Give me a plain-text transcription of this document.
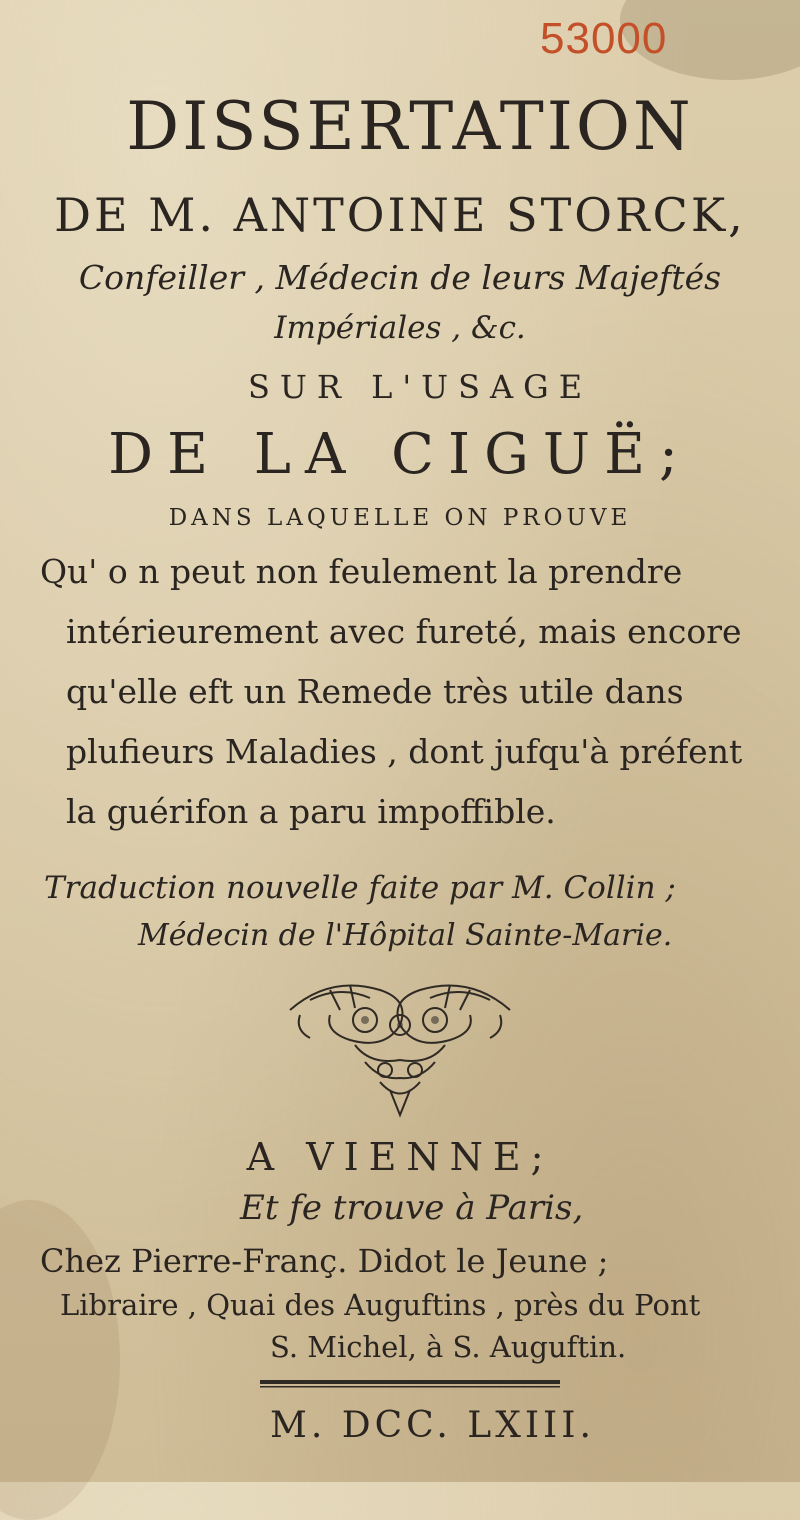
53000
DISSERTATION
DE M. ANTOINE STORCK,
Confeiller , Médecin de leurs Majeftés
Impériales , &c.
SUR L'USAGE
DE LA CIGUË;
DANS LAQUELLE ON PROUVE
Qu' o n peut non feulement la prendre
intérieurement avec fureté, mais encore
qu'elle eft un Remede très utile dans
plufieurs Maladies , dont jufqu'à préfent
la guérifon a paru impoffible.
Traduction nouvelle faite par M. Collin ;
Médecin de l'Hôpital Sainte-Marie.
A VIENNE;
Et fe trouve à Paris,
Chez Pierre-Franç. Didot le Jeune ;
Libraire , Quai des Auguftins , près du Pont
S. Michel, à S. Auguftin.
M. DCC. LXIII.
